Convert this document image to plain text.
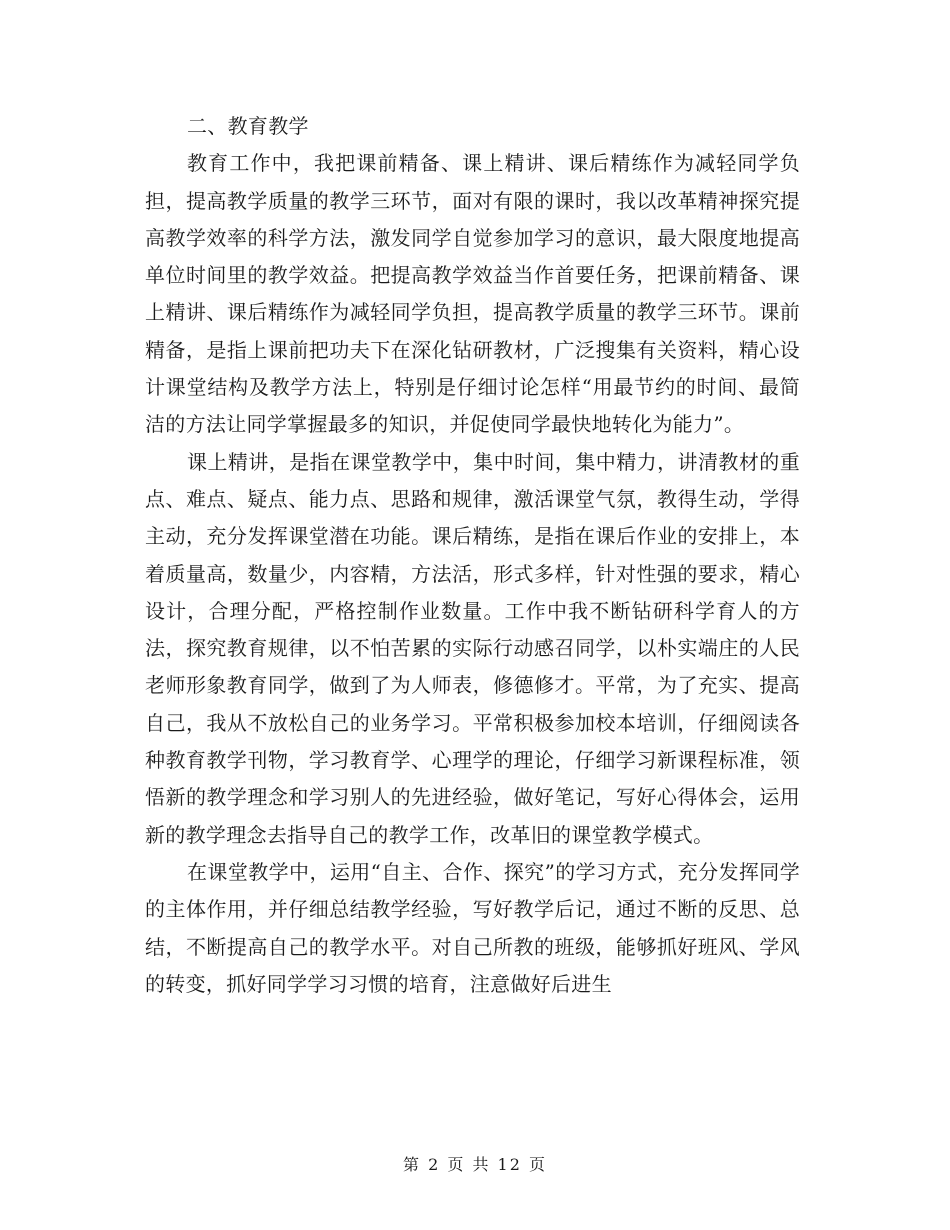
二、教育教学

教育工作中，我把课前精备、课上精讲、课后精练作为减轻同学负担，提高教学质量的教学三环节，面对有限的课时，我以改革精神探究提高教学效率的科学方法，激发同学自觉参加学习的意识，最大限度地提高单位时间里的教学效益。把提高教学效益当作首要任务，把课前精备、课上精讲、课后精练作为减轻同学负担，提高教学质量的教学三环节。课前精备，是指上课前把功夫下在深化钻研教材，广泛搜集有关资料，精心设计课堂结构及教学方法上，特别是仔细讨论怎样“用最节约的时间、最简洁的方法让同学掌握最多的知识，并促使同学最快地转化为能力”。

课上精讲，是指在课堂教学中，集中时间，集中精力，讲清教材的重点、难点、疑点、能力点、思路和规律，激活课堂气氛，教得生动，学得主动，充分发挥课堂潜在功能。课后精练，是指在课后作业的安排上，本着质量高，数量少，内容精，方法活，形式多样，针对性强的要求，精心设计，合理分配，严格控制作业数量。工作中我不断钻研科学育人的方法，探究教育规律，以不怕苦累的实际行动感召同学，以朴实端庄的人民老师形象教育同学，做到了为人师表，修德修才。平常，为了充实、提高自己，我从不放松自己的业务学习。平常积极参加校本培训，仔细阅读各种教育教学刊物，学习教育学、心理学的理论，仔细学习新课程标准，领悟新的教学理念和学习别人的先进经验，做好笔记，写好心得体会，运用新的教学理念去指导自己的教学工作，改革旧的课堂教学模式。

在课堂教学中，运用“自主、合作、探究”的学习方式，充分发挥同学的主体作用，并仔细总结教学经验，写好教学后记，通过不断的反思、总结，不断提高自己的教学水平。对自己所教的班级，能够抓好班风、学风的转变，抓好同学学习习惯的培育，注意做好后进生

第 2 页 共 12 页
